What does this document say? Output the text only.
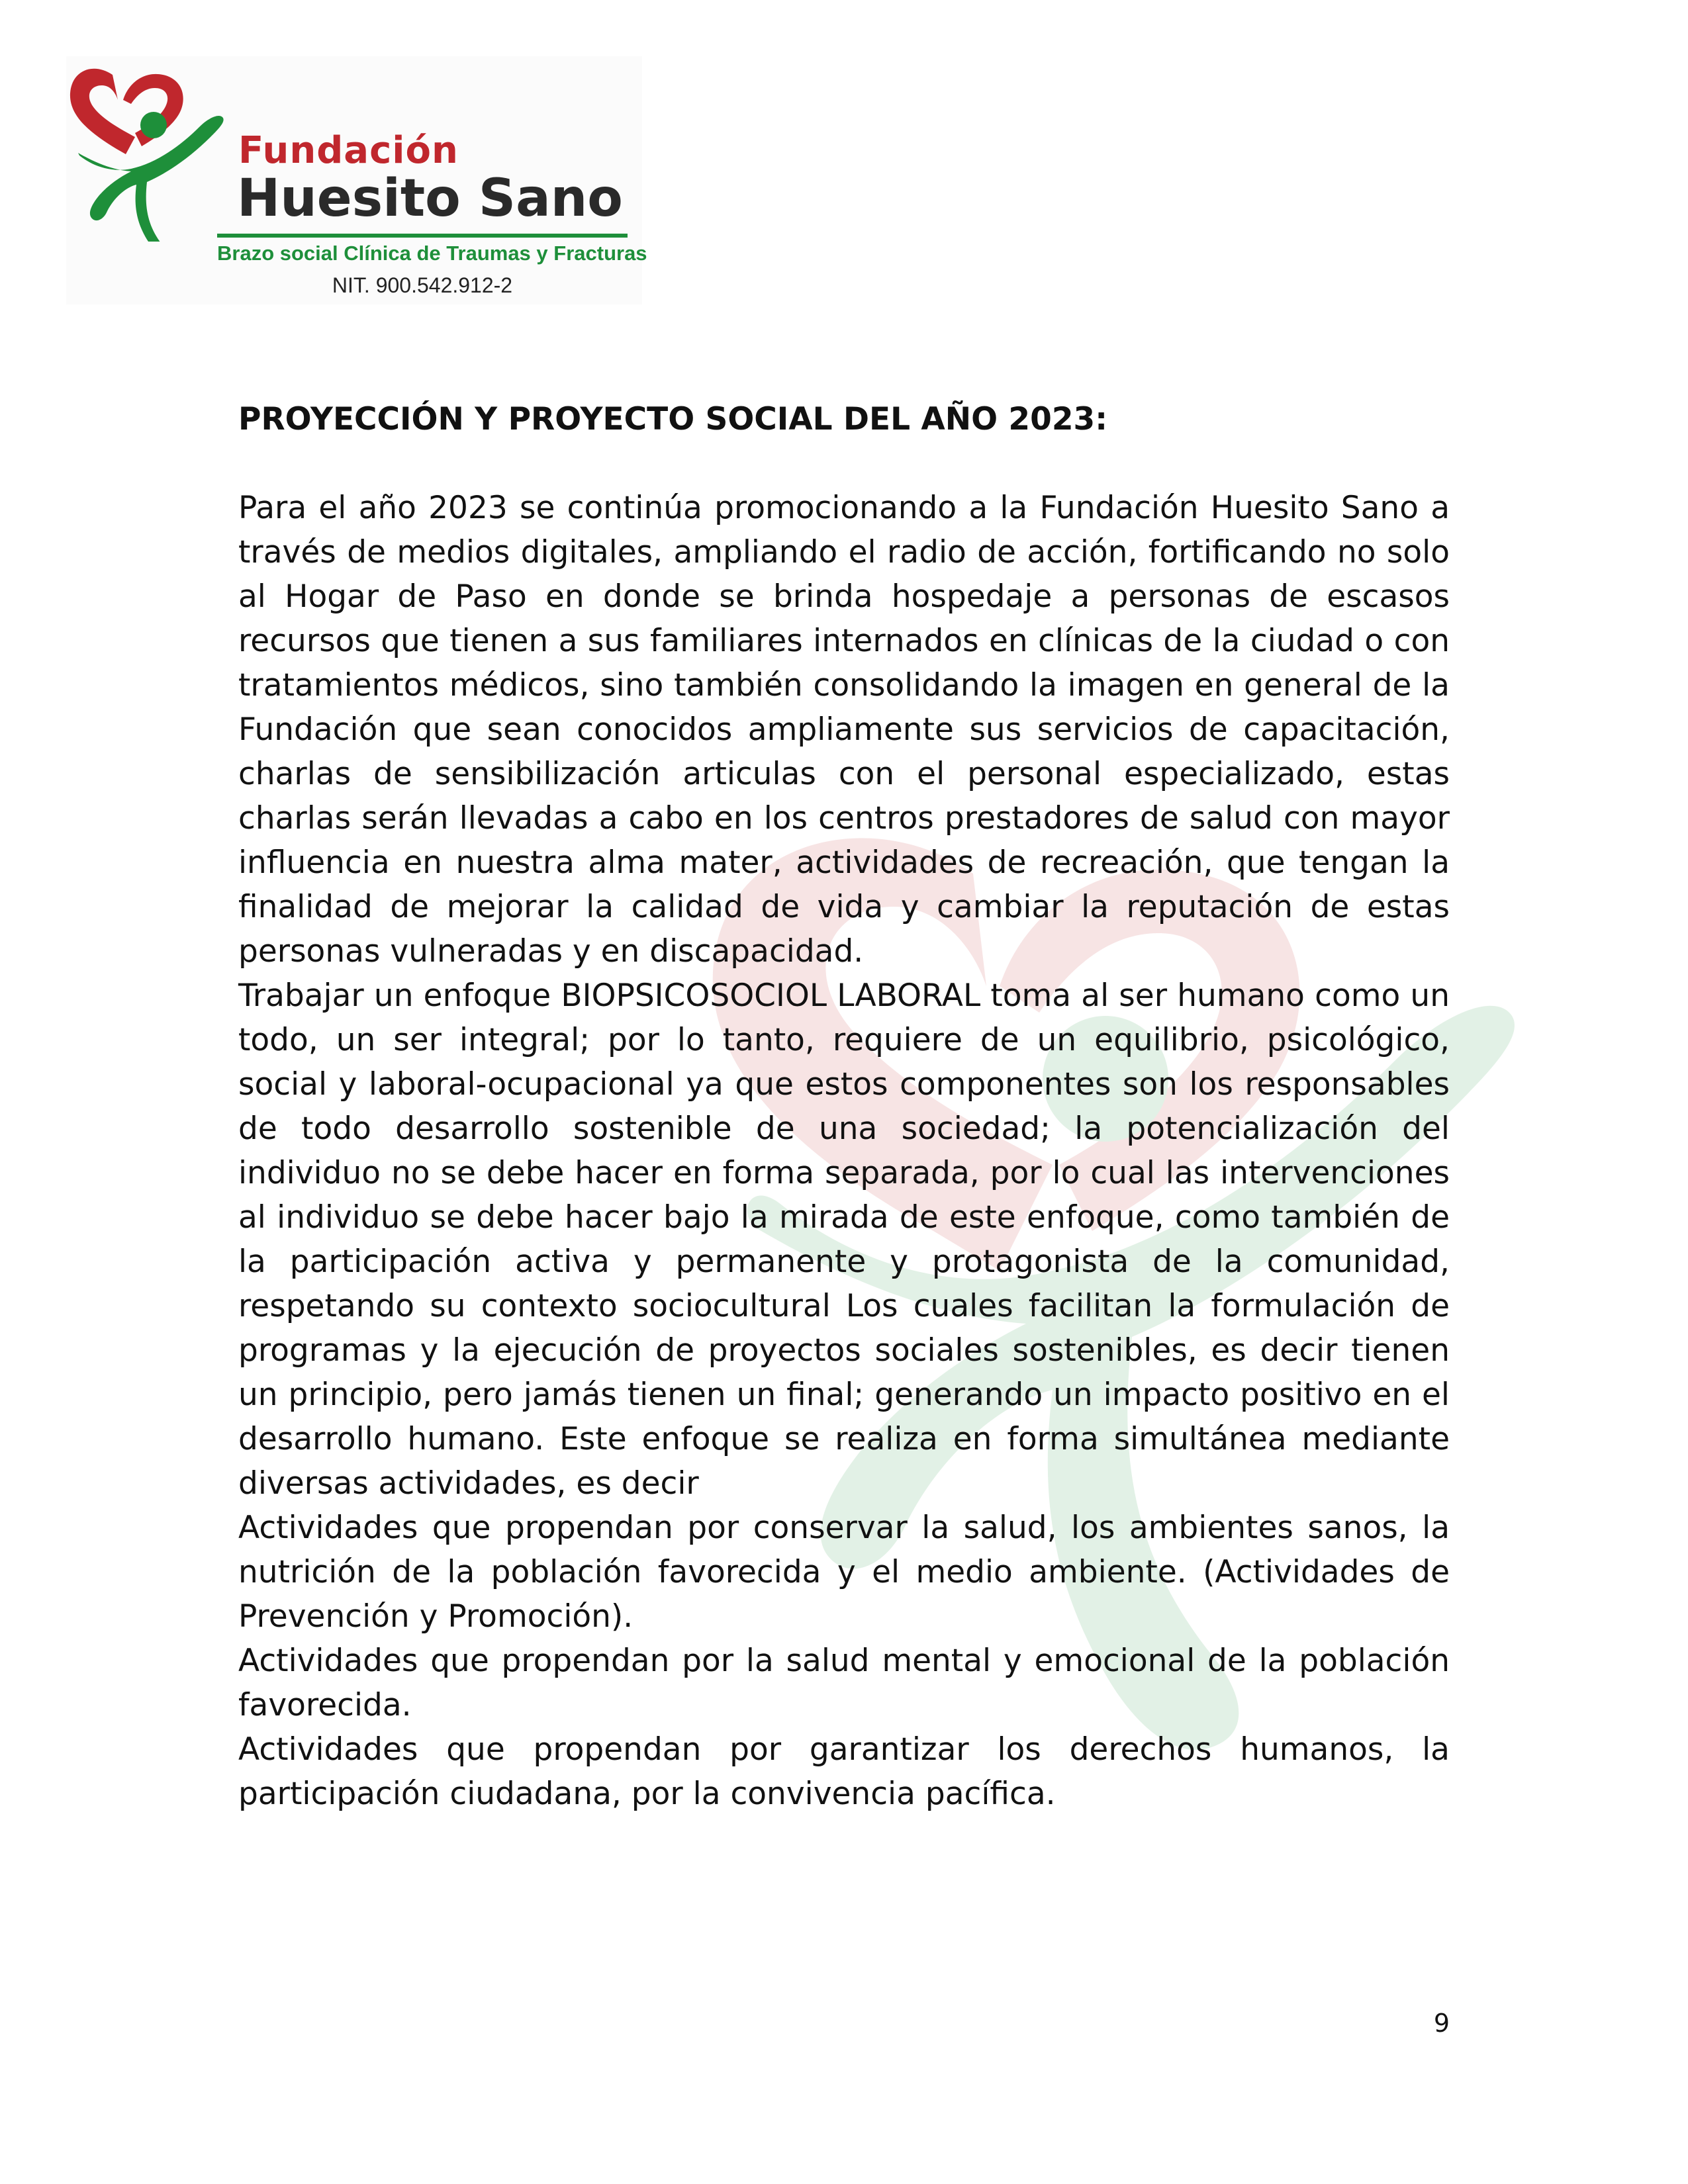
Fundación
Huesito Sano
Brazo social Clínica de Traumas y Fracturas
NIT. 900.542.912-2
PROYECCIÓN Y PROYECTO SOCIAL DEL AÑO 2023:

Para el año 2023 se continúa promocionando a la Fundación Huesito Sano a través de medios digitales, ampliando el radio de acción, fortificando no solo al Hogar de Paso en donde se brinda hospedaje a personas de escasos recursos que tienen a sus familiares internados en clínicas de la ciudad o con tratamientos médicos, sino también consolidando la imagen en general de la Fundación que sean conocidos ampliamente sus servicios de capacitación, charlas de sensibilización articulas con el personal especializado, estas charlas serán llevadas a cabo en los centros prestadores de salud con mayor influencia en nuestra alma mater, actividades de recreación, que tengan la finalidad de mejorar la calidad de vida y cambiar la reputación de estas personas vulneradas y en discapacidad.

Trabajar un enfoque BIOPSICOSOCIOL LABORAL toma al ser humano como un todo, un ser integral; por lo tanto, requiere de un equilibrio, psicológico, social y laboral-ocupacional ya que estos componentes son los responsables de todo desarrollo sostenible de una sociedad; la potencialización del individuo no se debe hacer en forma separada, por lo cual las intervenciones al individuo se debe hacer bajo la mirada de este enfoque, como también de la participación activa y permanente y protagonista de la comunidad, respetando su contexto sociocultural Los cuales facilitan la formulación de programas y la ejecución de proyectos sociales sostenibles, es decir tienen un principio, pero jamás tienen un final; generando un impacto positivo en el desarrollo humano. Este enfoque se realiza en forma simultánea mediante diversas actividades, es decir

Actividades que propendan por conservar la salud, los ambientes sanos, la nutrición de la población favorecida y el medio ambiente. (Actividades de Prevención y Promoción).

Actividades que propendan por la salud mental y emocional de la población favorecida.

Actividades que propendan por garantizar los derechos humanos, la participación ciudadana, por la convivencia pacífica.

9
